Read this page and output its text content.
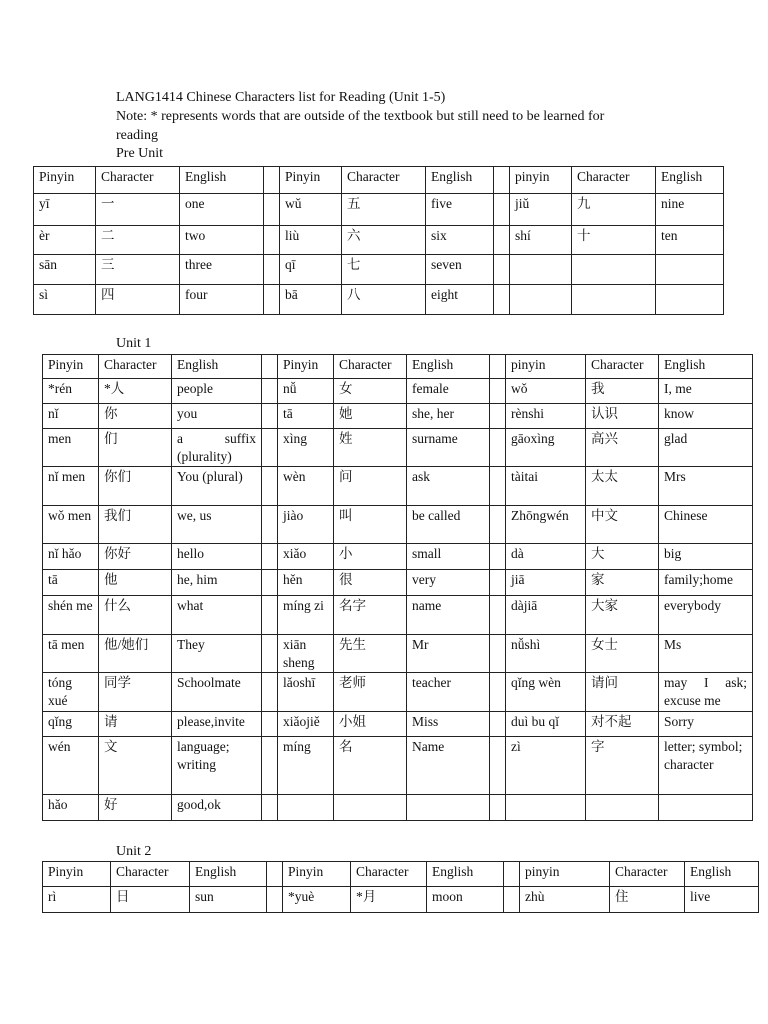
LANG1414 Chinese Characters list for Reading (Unit 1-5)
Note: * represents words that are outside of the textbook but still need to be learned for
reading
Pre Unit
Pinyin	Character	English		Pinyin	Character	English		pinyin	Character	English
yī	一	one		wǔ	五	five		jiǔ	九	nine
èr	二	two		liù	六	six		shí	十	ten
sān	三	three		qī	七	seven				
sì	四	four		bā	八	eight				
Unit 1
Pinyin	Character	English		Pinyin	Character	English		pinyin	Character	English
*rén	*人	people		nǚ	女	female		wǒ	我	I, me
nǐ	你	you		tā	她	she, her		rènshi	认识	know
men	们	a suffix (plurality)		xìng	姓	surname		gāoxìng	高兴	glad
nǐ men	你们	You (plural)		wèn	问	ask		tàitai	太太	Mrs
wǒ men	我们	we, us		jiào	叫	be called		Zhōngwén	中文	Chinese
nǐ hǎo	你好	hello		xiǎo	小	small		dà	大	big
tā	他	he, him		hěn	很	very		jiā	家	family;home
shén me	什么	what		míng zi	名字	name		dàjiā	大家	everybody
tā men	他/她们	They		xiān sheng	先生	Mr		nǚshì	女士	Ms
tóng xué	同学	Schoolmate		lǎoshī	老师	teacher		qǐng wèn	请问	may I ask; excuse me
qǐng	请	please,invite		xiǎojiě	小姐	Miss		duì bu qǐ	对不起	Sorry
wén	文	language; writing		míng	名	Name		zì	字	letter; symbol; character
hǎo	好	good,ok								
Unit 2
Pinyin	Character	English		Pinyin	Character	English		pinyin	Character	English
rì	日	sun		*yuè	*月	moon		zhù	住	live
